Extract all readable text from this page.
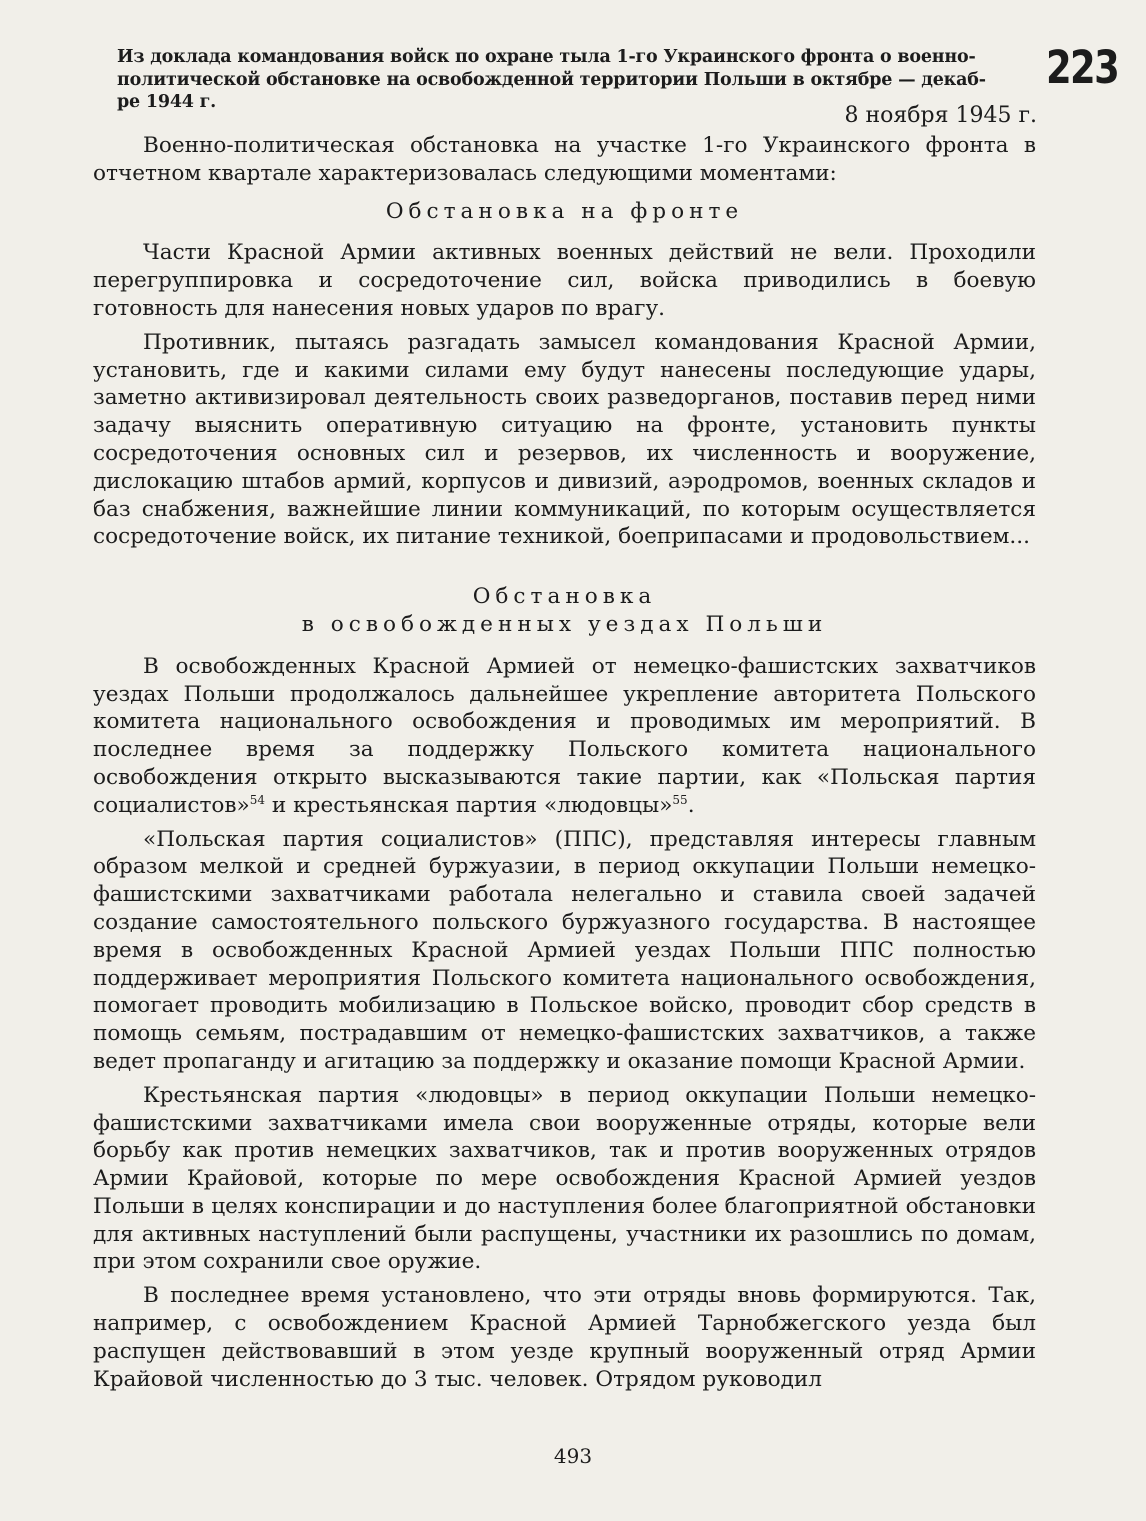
223

Из доклада командования войск по охране тыла 1-го Украинского фронта о военно-

политической обстановке на освобожденной территории Польши в октябре — декаб-

ре 1944 г.

8 ноября 1945 г.

Военно-политическая обстановка на участке 1-го Украинского фронта в отчетном квартале характеризовалась следующими моментами:

Обстановка на фронте

Части Красной Армии активных военных действий не вели. Проходили перегруппировка и сосредоточение сил, войска приводились в боевую готовность для нанесения новых ударов по врагу.

Противник, пытаясь разгадать замысел командования Красной Армии, установить, где и какими силами ему будут нанесены последующие удары, заметно активизировал деятельность своих разведорганов, поставив перед ними задачу выяснить оперативную ситуацию на фронте, установить пункты сосредоточения основных сил и резервов, их численность и вооружение, дислокацию штабов армий, корпусов и дивизий, аэродромов, военных складов и баз снабжения, важнейшие линии коммуникаций, по которым осуществляется сосредоточение войск, их питание техникой, боеприпасами и продовольствием...

Обстановка
в освобожденных уездах Польши

В освобожденных Красной Армией от немецко-фашистских захватчиков уездах Польши продолжалось дальнейшее укрепление авторитета Польского комитета национального освобождения и проводимых им мероприятий. В последнее время за поддержку Польского комитета национального освобождения открыто высказываются такие партии, как «Польская партия социалистов»$^{54}$ и крестьянская партия «людовцы»$^{55}$.

«Польская партия социалистов» (ППС), представляя интересы главным образом мелкой и средней буржуазии, в период оккупации Польши немецко-фашистскими захватчиками работала нелегально и ставила своей задачей создание самостоятельного польского буржуазного государства. В настоящее время в освобожденных Красной Армией уездах Польши ППС полностью поддерживает мероприятия Польского комитета национального освобождения, помогает проводить мобилизацию в Польское войско, проводит сбор средств в помощь семьям, пострадавшим от немецко-фашистских захватчиков, а также ведет пропаганду и агитацию за поддержку и оказание помощи Красной Армии.

Крестьянская партия «людовцы» в период оккупации Польши немецко-фашистскими захватчиками имела свои вооруженные отряды, которые вели борьбу как против немецких захватчиков, так и против вооруженных отрядов Армии Крайовой, которые по мере освобождения Красной Армией уездов Польши в целях конспирации и до наступления более благоприятной обстановки для активных наступлений были распущены, участники их разошлись по домам, при этом сохранили свое оружие.

В последнее время установлено, что эти отряды вновь формируются. Так, например, с освобождением Красной Армией Тарнобжегского уезда был распущен действовавший в этом уезде крупный вооруженный отряд Армии Крайовой численностью до 3 тыс. человек. Отрядом руководил

493
